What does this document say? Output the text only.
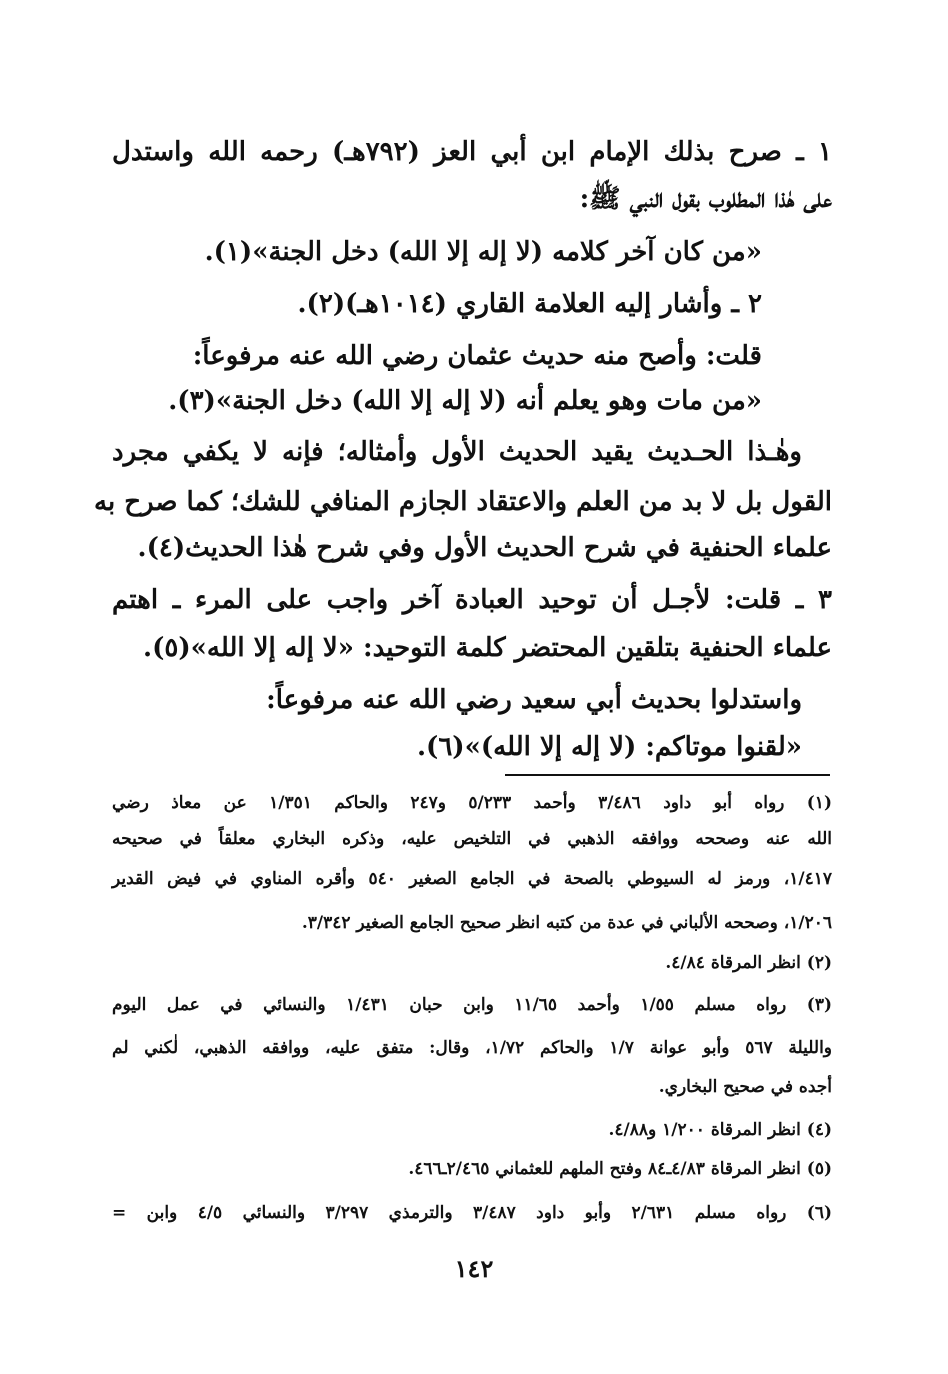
١ ـ صرح بذلك الإمام ابن أبي العز (٧٩٢هـ) رحمه الله واستدل
على هٰذا المطلوب بقول النبي ﷺ:
«من كان آخر كلامه (لا إله إلا الله) دخل الجنة»(١).
٢ ـ وأشار إليه العلامة القاري (١٠١٤هـ)(٢).
قلت: وأصح منه حديث عثمان رضي الله عنه مرفوعاً:
«من مات وهو يعلم أنه (لا إله إلا الله) دخل الجنة»(٣).
وهٰـذا الحـديث يقيد الحديث الأول وأمثاله؛ فإنه لا يكفي مجرد
القول بل لا بد من العلم والاعتقاد الجازم المنافي للشك؛ كما صرح به
علماء الحنفية في شرح الحديث الأول وفي شرح هٰذا الحديث(٤).
٣ ـ قلت: لأجـل أن توحيد العبادة آخر واجب على المرء ـ اهتم
علماء الحنفية بتلقين المحتضر كلمة التوحيد: «لا إله إلا الله»(٥).
واستدلوا بحديث أبي سعيد رضي الله عنه مرفوعاً:
«لقنوا موتاكم: (لا إله إلا الله)»(٦).
(١) رواه أبو داود ٣/٤٨٦ وأحمد ٥/٢٣٣ و٢٤٧ والحاكم ١/٣٥١ عن معاذ رضي
الله عنه وصححه ووافقه الذهبي في التلخيص عليه، وذكره البخاري معلقاً في صحيحه
١/٤١٧، ورمز له السيوطي بالصحة في الجامع الصغير ٥٤٠ وأقره المناوي في فيض القدير
١/٢٠٦، وصححه الألباني في عدة من كتبه انظر صحيح الجامع الصغير ٣/٣٤٢.
(٢) انظر المرقاة ٤/٨٤.
(٣) رواه مسلم ١/٥٥ وأحمد ١١/٦٥ وابن حبان ١/٤٣١ والنسائي في عمل اليوم
والليلة ٥٦٧ وأبو عوانة ١/٧ والحاكم ١/٧٢، وقال: متفق عليه، ووافقه الذهبي، لٰكني لم
أجده في صحيح البخاري.
(٤) انظر المرقاة ١/٢٠٠ و٤/٨٨.
(٥) انظر المرقاة ٤/٨٣ـ٨٤ وفتح الملهم للعثماني ٢/٤٦٥ـ٤٦٦.
(٦) رواه مسلم ٢/٦٣١ وأبو داود ٣/٤٨٧ والترمذي ٣/٢٩٧ والنسائي ٤/٥ وابن =
١٤٢
